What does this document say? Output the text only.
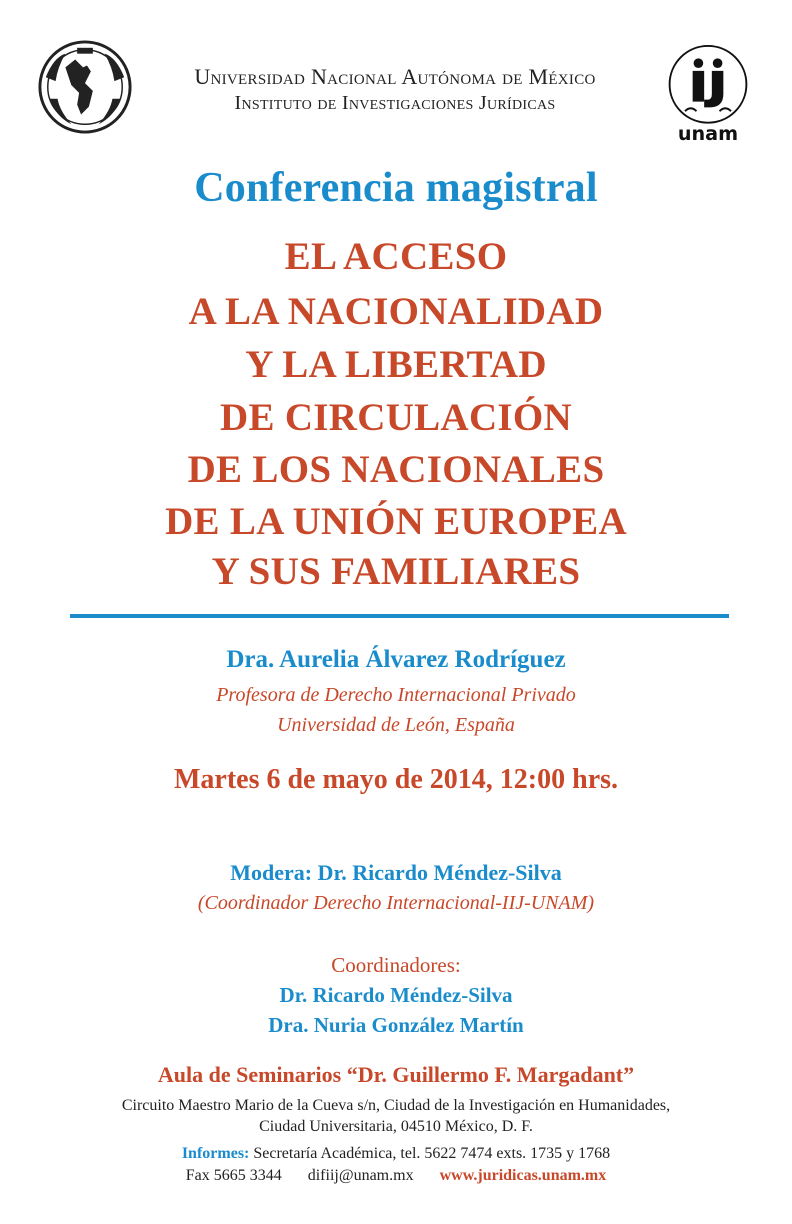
unam
Universidad Nacional Autónoma de México
Instituto de Investigaciones Jurídicas
Conferencia magistral
EL ACCESO
A LA NACIONALIDAD
Y LA LIBERTAD
DE CIRCULACIÓN
DE LOS NACIONALES
DE LA UNIÓN EUROPEA
Y SUS FAMILIARES
Dra. Aurelia Álvarez Rodríguez
Profesora de Derecho Internacional Privado
Universidad de León, España
Martes 6 de mayo de 2014, 12:00 hrs.
Modera: Dr. Ricardo Méndez-Silva
(Coordinador Derecho Internacional-IIJ-UNAM)
Coordinadores:
Dr. Ricardo Méndez-Silva
Dra. Nuria González Martín
Aula de Seminarios “Dr. Guillermo F. Margadant”
Circuito Maestro Mario de la Cueva s/n, Ciudad de la Investigación en Humanidades,
Ciudad Universitaria, 04510 México, D. F.
Informes: Secretaría Académica, tel. 5622 7474 exts. 1735 y 1768
Fax 5665 3344 difiij@unam.mx www.juridicas.unam.mx
